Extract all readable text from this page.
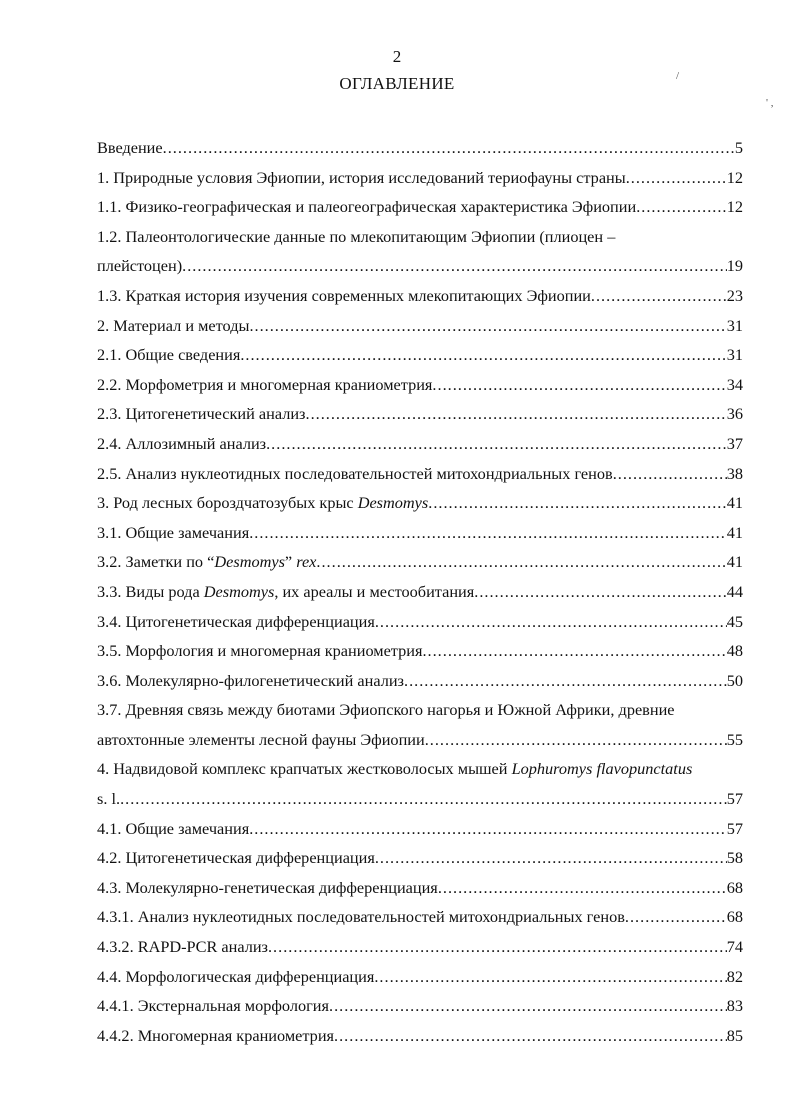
2
ОГЛАВЛЕНИЕ	/
' ,
Введение .....	5
1. Природные условия Эфиопии, история исследований териофауны страны .....	12
1.1. Физико-географическая и палеогеографическая характеристика Эфиопии .....	12
1.2. Палеонтологические данные по млекопитающим Эфиопии (плиоцен –
плейстоцен) .....	19
1.3. Краткая история изучения современных млекопитающих Эфиопии .....	23
2. Материал и методы .....	31
2.1. Общие сведения .....	31
2.2. Морфометрия и многомерная краниометрия .....	34
2.3. Цитогенетический анализ .....	36
2.4. Аллозимный анализ .....	37
2.5. Анализ нуклеотидных последовательностей митохондриальных генов .....	38
3. Род лесных бороздчатозубых крыс Desmomys .....	41
3.1. Общие замечания .....	41
3.2. Заметки по “Desmomys” rex .....	41
3.3. Виды рода Desmomys, их ареалы и местообитания .....	44
3.4. Цитогенетическая дифференциация .....	45
3.5. Морфология и многомерная краниометрия .....	48
3.6. Молекулярно-филогенетический анализ .....	50
3.7. Древняя связь между биотами Эфиопского нагорья и Южной Африки, древние
автохтонные элементы лесной фауны Эфиопии .....	55
4. Надвидовой комплекс крапчатых жестковолосых мышей Lophuromys flavopunctatus
s. l. .....	57
4.1. Общие замечания .....	57
4.2. Цитогенетическая дифференциация .....	58
4.3. Молекулярно-генетическая дифференциация .....	68
4.3.1. Анализ нуклеотидных последовательностей митохондриальных генов .....	68
4.3.2. RAPD-PCR анализ .....	74
4.4. Морфологическая дифференциация .....	82
4.4.1. Экстернальная морфология .....	83
4.4.2. Многомерная краниометрия .....	85
